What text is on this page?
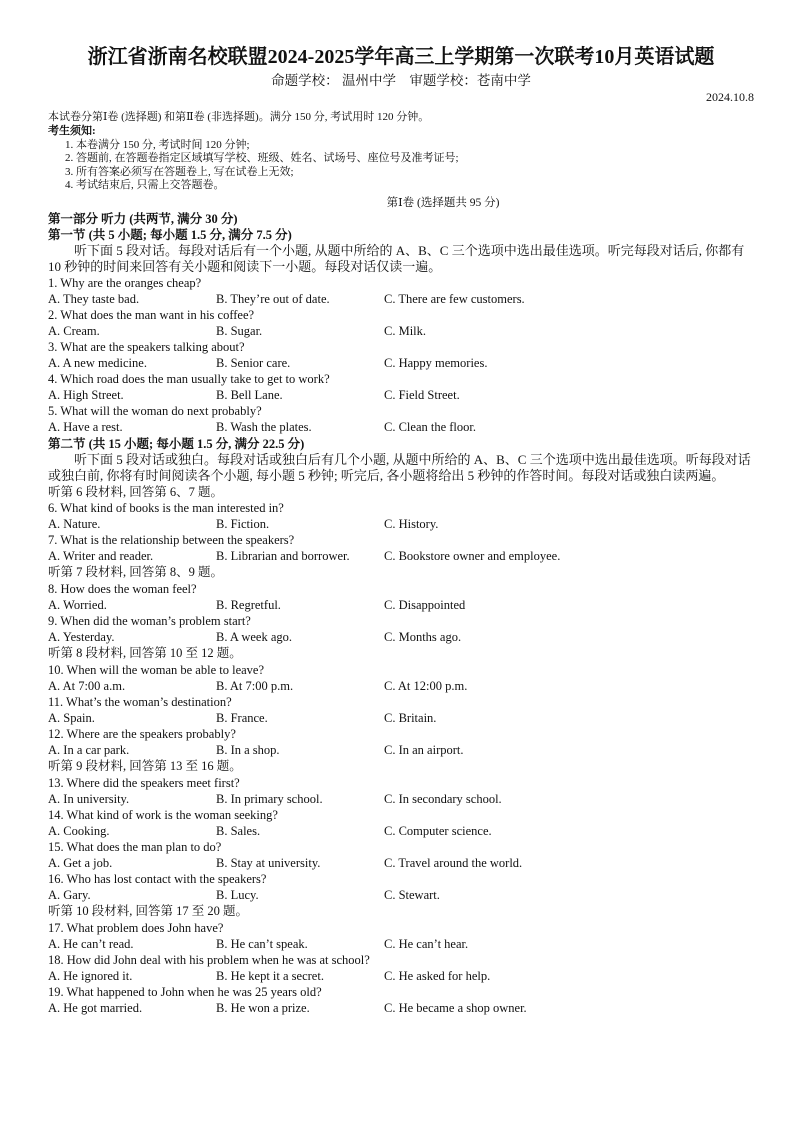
浙江省浙南名校联盟2024-2025学年高三上学期第一次联考10月英语试题
命题学校： 温州中学 审题学校：苍南中学
2024.10.8
本试卷分第Ⅰ卷 (选择题) 和第Ⅱ卷 (非选择题)。满分 150 分, 考试用时 120 分钟。
考生须知:
1. 本卷满分 150 分, 考试时间 120 分钟;
2. 答题前, 在答题卷指定区域填写学校、班级、姓名、试场号、座位号及准考证号;
3. 所有答案必须写在答题卷上, 写在试卷上无效;
4. 考试结束后, 只需上交答题卷。
第Ⅰ卷 (选择题共 95 分)
第一部分 听力 (共两节, 满分 30 分)
第一节 (共 5 小题; 每小题 1.5 分, 满分 7.5 分)

听下面 5 段对话。每段对话后有一个小题, 从题中所给的 A、B、C 三个选项中选出最佳选项。听完每段对话后, 你都有 10 秒钟的时间来回答有关小题和阅读下一小题。每段对话仅读一遍。

1. Why are the oranges cheap?
A. They taste bad.	B. They’re out of date.	C. There are few customers.
2. What does the man want in his coffee?
A. Cream.	B. Sugar.	C. Milk.
3. What are the speakers talking about?
A. A new medicine.	B. Senior care.	C. Happy memories.
4. Which road does the man usually take to get to work?
A. High Street.	B. Bell Lane.	C. Field Street.
5. What will the woman do next probably?
A. Have a rest.	B. Wash the plates.	C. Clean the floor.
第二节 (共 15 小题; 每小题 1.5 分, 满分 22.5 分)

听下面 5 段对话或独白。每段对话或独白后有几个小题, 从题中所给的 A、B、C 三个选项中选出最佳选项。听每段对话或独白前, 你将有时间阅读各个小题, 每小题 5 秒钟; 听完后, 各小题将给出 5 秒钟的作答时间。每段对话或独白读两遍。

听第 6 段材料, 回答第 6、7 题。
6. What kind of books is the man interested in?
A. Nature.	B. Fiction.	C. History.
7. What is the relationship between the speakers?
A. Writer and reader.	B. Librarian and borrower.	C. Bookstore owner and employee.
听第 7 段材料, 回答第 8、9 题。
8. How does the woman feel?
A. Worried.	B. Regretful.	C. Disappointed
9. When did the woman’s problem start?
A. Yesterday.	B. A week ago.	C. Months ago.
听第 8 段材料, 回答第 10 至 12 题。
10. When will the woman be able to leave?
A. At 7:00 a.m.	B. At 7:00 p.m.	C. At 12:00 p.m.
11. What’s the woman’s destination?
A. Spain.	B. France.	C. Britain.
12. Where are the speakers probably?
A. In a car park.	B. In a shop.	C. In an airport.
听第 9 段材料, 回答第 13 至 16 题。
13. Where did the speakers meet first?
A. In university.	B. In primary school.	C. In secondary school.
14. What kind of work is the woman seeking?
A. Cooking.	B. Sales.	C. Computer science.
15. What does the man plan to do?
A. Get a job.	B. Stay at university.	C. Travel around the world.
16. Who has lost contact with the speakers?
A. Gary.	B. Lucy.	C. Stewart.
听第 10 段材料, 回答第 17 至 20 题。
17. What problem does John have?
A. He can’t read.	B. He can’t speak.	C. He can’t hear.
18. How did John deal with his problem when he was at school?
A. He ignored it.	B. He kept it a secret.	C. He asked for help.
19. What happened to John when he was 25 years old?
A. He got married.	B. He won a prize.	C. He became a shop owner.
